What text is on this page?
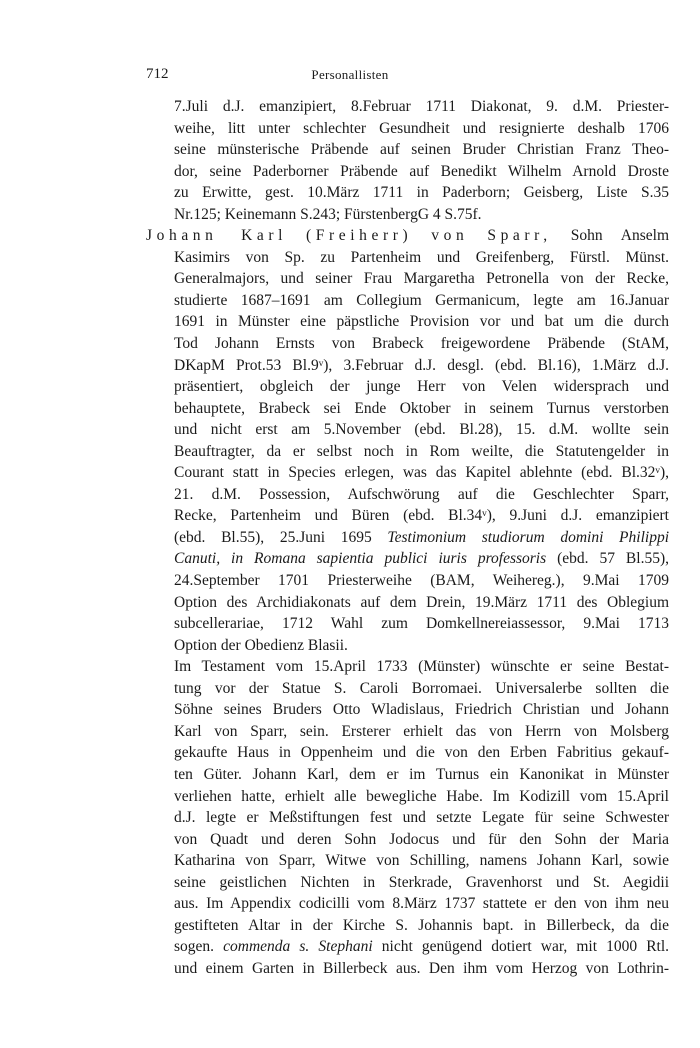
712	Personallisten
7.Juli d.J. emanzipiert, 8.Februar 1711 Diakonat, 9. d.M. Priester-
weihe, litt unter schlechter Gesundheit und resignierte deshalb 1706
seine münsterische Präbende auf seinen Bruder Christian Franz Theo-
dor, seine Paderborner Präbende auf Benedikt Wilhelm Arnold Droste
zu Erwitte, gest. 10.März 1711 in Paderborn; Geisberg, Liste S.35
Nr.125; Keinemann S.243; FürstenbergG 4 S.75f.
Johann Karl (Freiherr) von Sparr, Sohn Anselm
Kasimirs von Sp. zu Partenheim und Greifenberg, Fürstl. Münst.
Generalmajors, und seiner Frau Margaretha Petronella von der Recke,
studierte 1687–1691 am Collegium Germanicum, legte am 16.Januar
1691 in Münster eine päpstliche Provision vor und bat um die durch
Tod Johann Ernsts von Brabeck freigewordene Präbende (StAM,
DKapM Prot.53 Bl.9ᵛ), 3.Februar d.J. desgl. (ebd. Bl.16), 1.März d.J.
präsentiert, obgleich der junge Herr von Velen widersprach und
behauptete, Brabeck sei Ende Oktober in seinem Turnus verstorben
und nicht erst am 5.November (ebd. Bl.28), 15. d.M. wollte sein
Beauftragter, da er selbst noch in Rom weilte, die Statutengelder in
Courant statt in Species erlegen, was das Kapitel ablehnte (ebd. Bl.32ᵛ),
21. d.M. Possession, Aufschwörung auf die Geschlechter Sparr,
Recke, Partenheim und Büren (ebd. Bl.34ᵛ), 9.Juni d.J. emanzipiert
(ebd. Bl.55), 25.Juni 1695 Testimonium studiorum domini Philippi
Canuti, in Romana sapientia publici iuris professoris (ebd. 57 Bl.55),
24.September 1701 Priesterweihe (BAM, Weihereg.), 9.Mai 1709
Option des Archidiakonats auf dem Drein, 19.März 1711 des Oblegium
subcellerariae, 1712 Wahl zum Domkellnereiassessor, 9.Mai 1713
Option der Obedienz Blasii.
Im Testament vom 15.April 1733 (Münster) wünschte er seine Bestat-
tung vor der Statue S. Caroli Borromaei. Universalerbe sollten die
Söhne seines Bruders Otto Wladislaus, Friedrich Christian und Johann
Karl von Sparr, sein. Ersterer erhielt das von Herrn von Molsberg
gekaufte Haus in Oppenheim und die von den Erben Fabritius gekauf-
ten Güter. Johann Karl, dem er im Turnus ein Kanonikat in Münster
verliehen hatte, erhielt alle bewegliche Habe. Im Kodizill vom 15.April
d.J. legte er Meßstiftungen fest und setzte Legate für seine Schwester
von Quadt und deren Sohn Jodocus und für den Sohn der Maria
Katharina von Sparr, Witwe von Schilling, namens Johann Karl, sowie
seine geistlichen Nichten in Sterkrade, Gravenhorst und St. Aegidii
aus. Im Appendix codicilli vom 8.März 1737 stattete er den von ihm neu
gestifteten Altar in der Kirche S. Johannis bapt. in Billerbeck, da die
sogen. commenda s. Stephani nicht genügend dotiert war, mit 1000 Rtl.
und einem Garten in Billerbeck aus. Den ihm vom Herzog von Lothrin-
